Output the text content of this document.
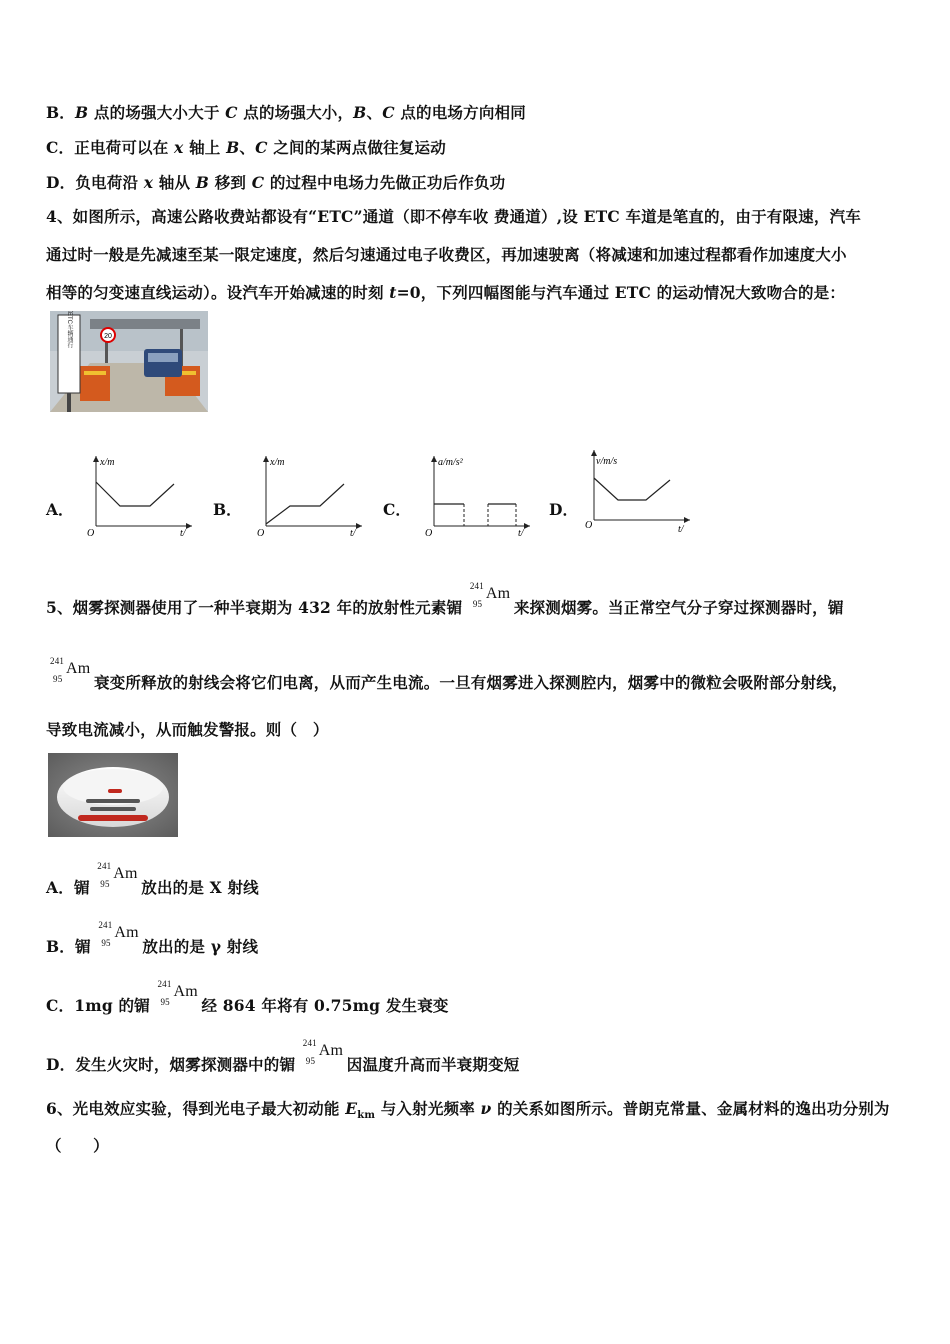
B．B 点的场强大小大于 C 点的场强大小，B、C 点的电场方向相同
C．正电荷可以在 x 轴上 B、C 之间的某两点做往复运动
D．负电荷沿 x 轴从 B 移到 C 的过程中电场力先做正功后作负功
4、如图所示，高速公路收费站都设有“ETC”通道（即不停车收 费通道）,设 ETC 车道是笔直的，由于有限速，汽车
通过时一般是先减速至某一限定速度，然后匀速通过电子收费区，再加速驶离（将减速和加速过程都看作加速度大小
相等的匀变速直线运动）。设汽车开始减速的时刻 t=0，下列四幅图能与汽车通过 ETC 的运动情况大致吻合的是：
20
仅ETC车辆通行
A．
x/m
t/
O
B．
x/m
t/
O
C．
a/m/s²
t/
O
D．
v/m/s
t/
O
5、烟雾探测器使用了一种半衰期为 432 年的放射性元素镅
241
95
Am
来探测烟雾。当正常空气分子穿过探测器时，镅
241
95
Am
衰变所释放的射线会将它们电离，从而产生电流。一旦有烟雾进入探测腔内，烟雾中的微粒会吸附部分射线，
导致电流减小，从而触发警报。则（　）
A．镅
241
95
Am
放出的是 X 射线
B．镅
241
95
Am
放出的是 γ 射线
C．1mg 的镅
241
95
Am
经 864 年将有 0.75mg 发生衰变
D．发生火灾时，烟雾探测器中的镅
241
95
Am
因温度升高而半衰期变短
6、光电效应实验，得到光电子最大初动能 $E_{km}$ 与入射光频率 ν 的关系如图所示。普朗克常量、金属材料的逸出功分别为
（　　）
